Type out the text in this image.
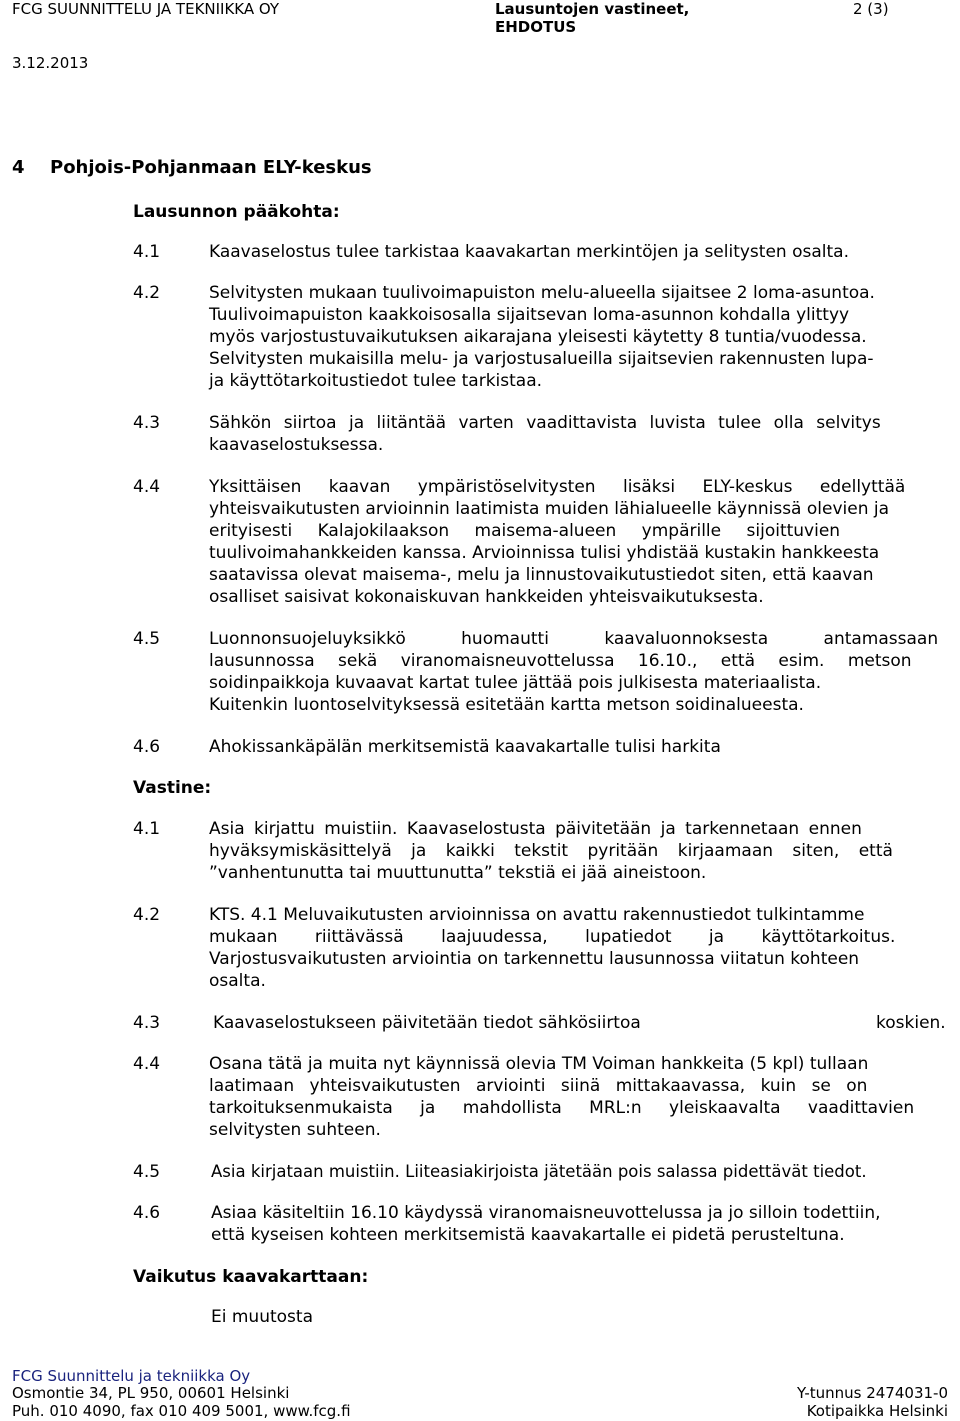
FCG SUUNNITTELU JA TEKNIIKKA OY	Lausuntojen vastineet,
EHDOTUS
2 (3)
3.12.2013
4 Pohjois-Pohjanmaan ELY-keskus
Lausunnon pääkohta:
4.1	Kaavaselostus tulee tarkistaa kaavakartan merkintöjen ja selitysten osalta.
4.2	Selvitysten mukaan tuulivoimapuiston melu-alueella sijaitsee 2 loma-asuntoa.
Tuulivoimapuiston kaakkoisosalla sijaitsevan loma-asunnon kohdalla ylittyy
myös varjostustuvaikutuksen aikarajana yleisesti käytetty 8 tuntia/vuodessa.
Selvitysten mukaisilla melu- ja varjostusalueilla sijaitsevien rakennusten lupa-
ja käyttötarkoitustiedot tulee tarkistaa.
4.3	Sähkön siirtoa ja liitäntää varten vaadittavista luvista tulee olla selvitys
kaavaselostuksessa.
4.4	Yksittäisen kaavan ympäristöselvitysten lisäksi ELY-keskus edellyttää
yhteisvaikutusten arvioinnin laatimista muiden lähialueelle käynnissä olevien ja
erityisesti Kalajokilaakson maisema-alueen ympärille sijoittuvien
tuulivoimahankkeiden kanssa. Arvioinnissa tulisi yhdistää kustakin hankkeesta
saatavissa olevat maisema-, melu ja linnustovaikutustiedot siten, että kaavan
osalliset saisivat kokonaiskuvan hankkeiden yhteisvaikutuksesta.
4.5	Luonnonsuojeluyksikkö huomautti kaavaluonnoksesta antamassaan
lausunnossa sekä viranomaisneuvottelussa 16.10., että esim. metson
soidinpaikkoja kuvaavat kartat tulee jättää pois julkisesta materiaalista.
Kuitenkin luontoselvityksessä esitetään kartta metson soidinalueesta.
4.6	Ahokissankäpälän merkitsemistä kaavakartalle tulisi harkita
Vastine:
4.1	Asia kirjattu muistiin. Kaavaselostusta päivitetään ja tarkennetaan ennen
hyväksymiskäsittelyä ja kaikki tekstit pyritään kirjaamaan siten, että
”vanhentunutta tai muuttunutta” tekstiä ei jää aineistoon.
4.2	KTS. 4.1 Meluvaikutusten arvioinnissa on avattu rakennustiedot tulkintamme
mukaan riittävässä laajuudessa, lupatiedot ja käyttötarkoitus.
Varjostusvaikutusten arviointia on tarkennettu lausunnossa viitatun kohteen
osalta.
4.3	Kaavaselostukseen päivitetään tiedot sähkösiirtoa	koskien.
4.4	Osana tätä ja muita nyt käynnissä olevia TM Voiman hankkeita (5 kpl) tullaan
laatimaan yhteisvaikutusten arviointi siinä mittakaavassa, kuin se on
tarkoituksenmukaista ja mahdollista MRL:n yleiskaavalta vaadittavien
selvitysten suhteen.
4.5	Asia kirjataan muistiin. Liiteasiakirjoista jätetään pois salassa pidettävät tiedot.
4.6	Asiaa käsiteltiin 16.10 käydyssä viranomaisneuvottelussa ja jo silloin todettiin,
että kyseisen kohteen merkitsemistä kaavakartalle ei pidetä perusteltuna.
Vaikutus kaavakarttaan:
Ei muutosta
FCG Suunnittelu ja tekniikka Oy
Osmontie 34, PL 950, 00601 Helsinki
Puh. 010 4090, fax 010 409 5001, www.fcg.fi
Y-tunnus 2474031-0
Kotipaikka Helsinki
